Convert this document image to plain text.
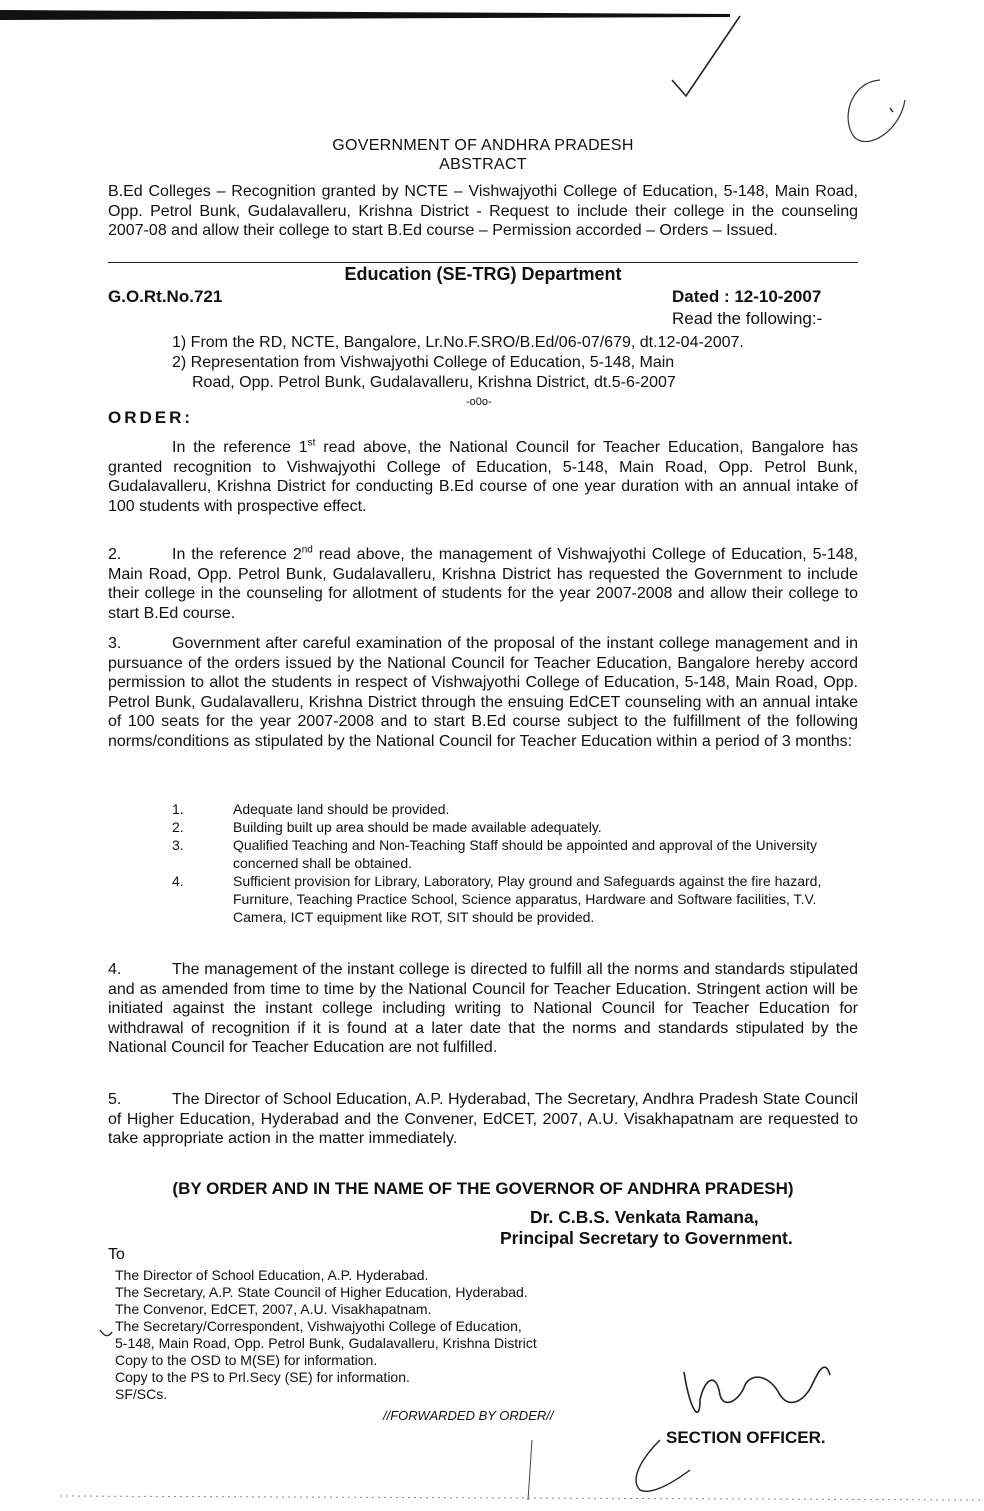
GOVERNMENT OF ANDHRA PRADESH
ABSTRACT
B.Ed Colleges – Recognition granted by NCTE – Vishwajyothi College of Education, 5-148, Main Road, Opp. Petrol Bunk, Gudalavalleru, Krishna District - Request to include their college in the counseling 2007-08 and allow their college to start B.Ed course – Permission accorded – Orders – Issued.
Education (SE-TRG) Department
G.O.Rt.No.721	Dated : 12-10-2007
Read the following:-
1) From the RD, NCTE, Bangalore, Lr.No.F.SRO/B.Ed/06-07/679, dt.12-04-2007.
2) Representation from Vishwajyothi College of Education, 5-148, Main
Road, Opp. Petrol Bunk, Gudalavalleru, Krishna District, dt.5-6-2007
-o0o-
ORDER:
In the reference 1st read above, the National Council for Teacher Education, Bangalore has granted recognition to Vishwajyothi College of Education, 5-148, Main Road, Opp. Petrol Bunk, Gudalavalleru, Krishna District for conducting B.Ed course of one year duration with an annual intake of 100 students with prospective effect.
2.	In the reference 2nd read above, the management of Vishwajyothi College of Education, 5-148, Main Road, Opp. Petrol Bunk, Gudalavalleru, Krishna District has requested the Government to include their college in the counseling for allotment of students for the year 2007-2008 and allow their college to start B.Ed course.
3.	Government after careful examination of the proposal of the instant college management and in pursuance of the orders issued by the National Council for Teacher Education, Bangalore hereby accord permission to allot the students in respect of Vishwajyothi College of Education, 5-148, Main Road, Opp. Petrol Bunk, Gudalavalleru, Krishna District through the ensuing EdCET counseling with an annual intake of 100 seats for the year 2007-2008 and to start B.Ed course subject to the fulfillment of the following norms/conditions as stipulated by the National Council for Teacher Education within a period of 3 months:
1.	Adequate land should be provided.
2.	Building built up area should be made available adequately.
3.	Qualified Teaching and Non-Teaching Staff should be appointed and approval of the University concerned shall be obtained.
4.	Sufficient provision for Library, Laboratory, Play ground and Safeguards against the fire hazard, Furniture, Teaching Practice School, Science apparatus, Hardware and Software facilities, T.V. Camera, ICT equipment like ROT, SIT should be provided.
4.	The management of the instant college is directed to fulfill all the norms and standards stipulated and as amended from time to time by the National Council for Teacher Education. Stringent action will be initiated against the instant college including writing to National Council for Teacher Education for withdrawal of recognition if it is found at a later date that the norms and standards stipulated by the National Council for Teacher Education are not fulfilled.
5.	The Director of School Education, A.P. Hyderabad, The Secretary, Andhra Pradesh State Council of Higher Education, Hyderabad and the Convener, EdCET, 2007, A.U. Visakhapatnam are requested to take appropriate action in the matter immediately.
(BY ORDER AND IN THE NAME OF THE GOVERNOR OF ANDHRA PRADESH)
Dr. C.B.S. Venkata Ramana,
Principal Secretary to Government.
To
The Director of School Education, A.P. Hyderabad.
The Secretary, A.P. State Council of Higher Education, Hyderabad.
The Convenor, EdCET, 2007, A.U. Visakhapatnam.
The Secretary/Correspondent, Vishwajyothi College of Education,
5-148, Main Road, Opp. Petrol Bunk, Gudalavalleru, Krishna District
Copy to the OSD to M(SE) for information.
Copy to the PS to Prl.Secy (SE) for information.
SF/SCs.
//FORWARDED BY ORDER//
SECTION OFFICER.
